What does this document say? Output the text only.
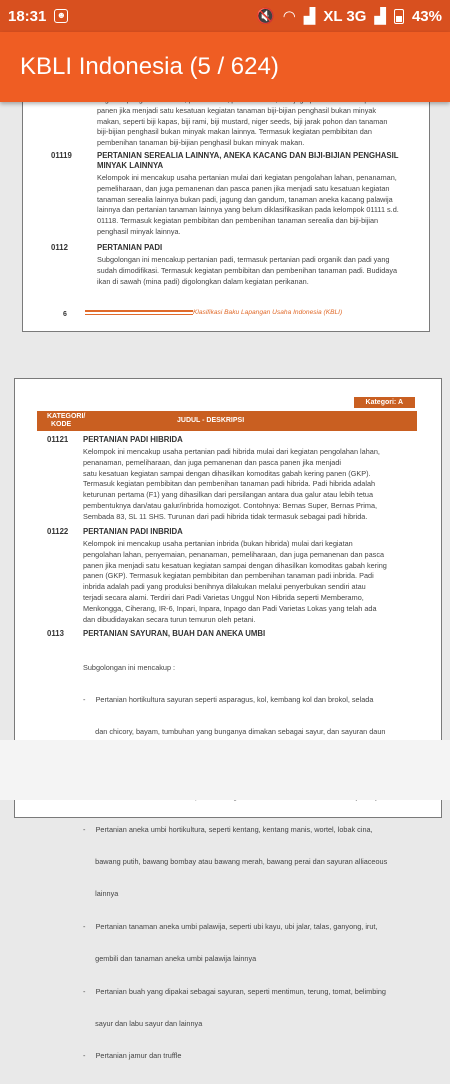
18:31 ☻	🔇 ◠ ▟ XL 3G ▟ 43%
KBLI Indonesia (5 / 624)
panen jika menjadi satu kesatuan kegiatan tanaman biji-bijian penghasil bukan minyak
makan, seperti biji kapas, biji rami, biji mustard, niger seeds, biji jarak pohon dan tanaman
biji-bijian penghasil bukan minyak makan lainnya. Termasuk kegiatan pembibitan dan
pembenihan tanaman biji-bijian penghasil bukan minyak makan.
01119	PERTANIAN SEREALIA LAINNYA, ANEKA KACANG DAN BIJI-BIJIAN PENGHASIL
MINYAK LAINNYA
Kelompok ini mencakup usaha pertanian mulai dari kegiatan pengolahan lahan, penanaman,
pemeliharaan, dan juga pemanenan dan pasca panen jika menjadi satu kesatuan kegiatan
tanaman serealia lainnya bukan padi, jagung dan gandum, tanaman aneka kacang palawija
lainnya dan pertanian tanaman lainnya yang belum diklasifikasikan pada kelompok 01111 s.d.
01118. Termasuk kegiatan pembibitan dan pembenihan tanaman serealia dan biji-bijian
penghasil minyak lainnya.
0112	PERTANIAN PADI
Subgolongan ini mencakup pertanian padi, termasuk pertanian padi organik dan padi yang
sudah dimodifikasi. Termasuk kegiatan pembibitan dan pembenihan tanaman padi. Budidaya
ikan di sawah (mina padi) digolongkan dalam kegiatan perikanan.
6	Klasifikasi Baku Lapangan Usaha Indonesia (KBLI)
Kategori: A
KATEGORI/
KODE
JUDUL - DESKRIPSI
01121 PERTANIAN PADI HIBRIDA
Kelompok ini mencakup usaha pertanian padi hibrida mulai dari kegiatan pengolahan lahan,
penanaman, pemeliharaan, dan juga pemanenan dan pasca panen jika menjadi
satu kesatuan kegiatan sampai dengan dihasilkan komoditas gabah kering panen (GKP).
Termasuk kegiatan pembibitan dan pembenihan tanaman padi hibrida. Padi hibrida adalah
keturunan pertama (F1) yang dihasilkan dari persilangan antara dua galur atau lebih tetua
pembentuknya dan/atau galur/inbrida homozigot. Contohnya: Bernas Super, Bernas Prima,
Sembada 83, SL 11 SHS. Turunan dari padi hibrida tidak termasuk sebagai padi hibrida.
01122 PERTANIAN PADI INBRIDA
Kelompok ini mencakup usaha pertanian inbrida (bukan hibrida) mulai dari kegiatan
pengolahan lahan, penyemaian, penanaman, pemeliharaan, dan juga pemanenan dan pasca
panen jika menjadi satu kesatuan kegiatan sampai dengan dihasilkan komoditas gabah kering
panen (GKP). Termasuk kegiatan pembibitan dan pembenihan tanaman padi inbrida. Padi
inbrida adalah padi yang produksi benihnya dilakukan melalui penyerbukan sendiri atau
terjadi secara alami. Terdiri dari Padi Varietas Unggul Non Hibrida seperti Memberamo,
Menkongga, Ciherang, IR-6, Inpari, Inpara, Inpago dan Padi Varietas Lokas yang telah ada
dan dibudidayakan secara turun temurun oleh petani.
0113 PERTANIAN SAYURAN, BUAH DAN ANEKA UMBI

Subgolongan ini mencakup :

-     Pertanian hortikultura sayuran seperti asparagus, kol, kembang kol dan brokol, selada

dan chicory, bayam, tumbuhan yang bunganya dimakan sebagai sayur, dan sayuran daun

-     Pertanian aneka umbi hortikultura, seperti kentang, kentang manis, wortel, lobak cina,

bawang putih, bawang bombay atau bawang merah, bawang perai dan sayuran alliaceous

lainnya

-     Pertanian tanaman aneka umbi palawija, seperti ubi kayu, ubi jalar, talas, ganyong, irut,

gembili dan tanaman aneka umbi palawija lainnya

-     Pertanian buah yang dipakai sebagai sayuran, seperti mentimun, terung, tomat, belimbing

sayur dan labu sayur dan lainnya

-     Pertanian jamur dan truffle
